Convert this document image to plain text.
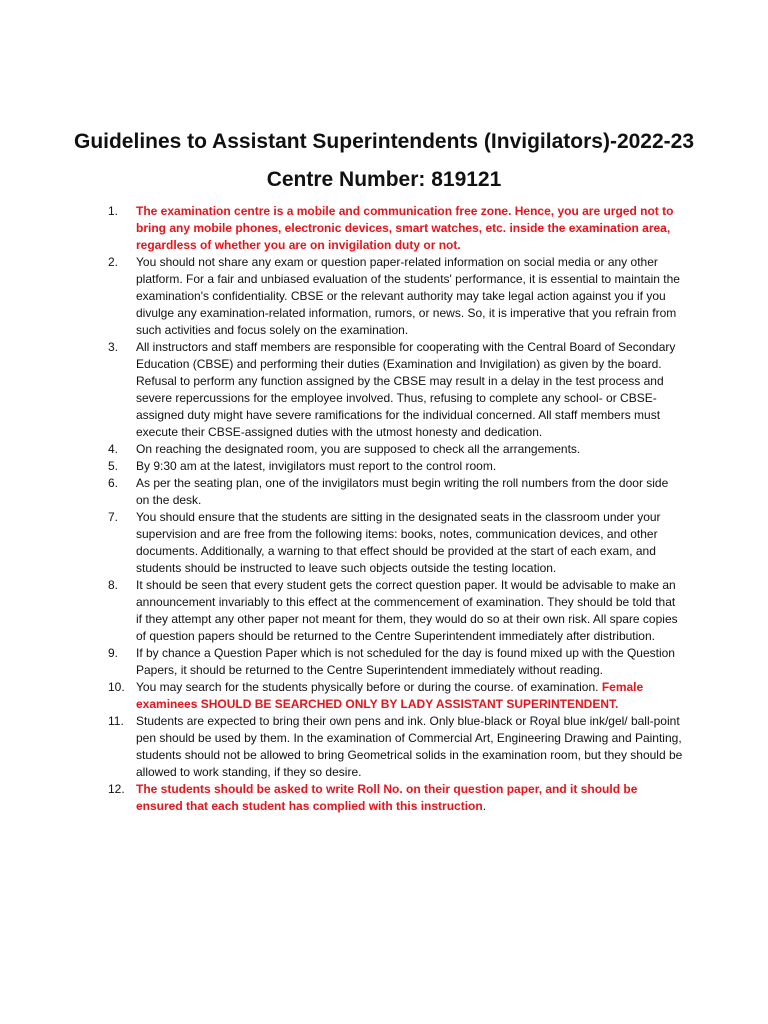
Guidelines to Assistant Superintendents (Invigilators)-2022-23
Centre Number: 819121
1.	The examination centre is a mobile and communication free zone. Hence, you are urged not to bring any mobile phones, electronic devices, smart watches, etc. inside the examination area, regardless of whether you are on invigilation duty or not.
2.	You should not share any exam or question paper-related information on social media or any other platform. For a fair and unbiased evaluation of the students' performance, it is essential to maintain the examination's confidentiality. CBSE or the relevant authority may take legal action against you if you divulge any examination-related information, rumors, or news. So, it is imperative that you refrain from such activities and focus solely on the examination.
3.	All instructors and staff members are responsible for cooperating with the Central Board of Secondary Education (CBSE) and performing their duties (Examination and Invigilation) as given by the board. Refusal to perform any function assigned by the CBSE may result in a delay in the test process and severe repercussions for the employee involved. Thus, refusing to complete any school- or CBSE-assigned duty might have severe ramifications for the individual concerned. All staff members must execute their CBSE-assigned duties with the utmost honesty and dedication.
4.	On reaching the designated room, you are supposed to check all the arrangements.
5.	By 9:30 am at the latest, invigilators must report to the control room.
6.	As per the seating plan, one of the invigilators must begin writing the roll numbers from the door side on the desk.
7.	You should ensure that the students are sitting in the designated seats in the classroom under your supervision and are free from the following items: books, notes, communication devices, and other documents. Additionally, a warning to that effect should be provided at the start of each exam, and students should be instructed to leave such objects outside the testing location.
8.	It should be seen that every student gets the correct question paper. It would be advisable to make an announcement invariably to this effect at the commencement of examination. They should be told that if they attempt any other paper not meant for them, they would do so at their own risk. All spare copies of question papers should be returned to the Centre Superintendent immediately after distribution.
9.	If by chance a Question Paper which is not scheduled for the day is found mixed up with the Question Papers, it should be returned to the Centre Superintendent immediately without reading.
10. You may search for the students physically before or during the course. of examination. Female examinees SHOULD BE SEARCHED ONLY BY LADY ASSISTANT SUPERINTENDENT.
11.	Students are expected to bring their own pens and ink. Only blue-black or Royal blue ink/gel/ ball-point pen should be used by them. In the examination of Commercial Art, Engineering Drawing and Painting, students should not be allowed to bring Geometrical solids in the examination room, but they should be allowed to work standing, if they so desire.
12. The students should be asked to write Roll No. on their question paper, and it should be ensured that each student has complied with this instruction.
